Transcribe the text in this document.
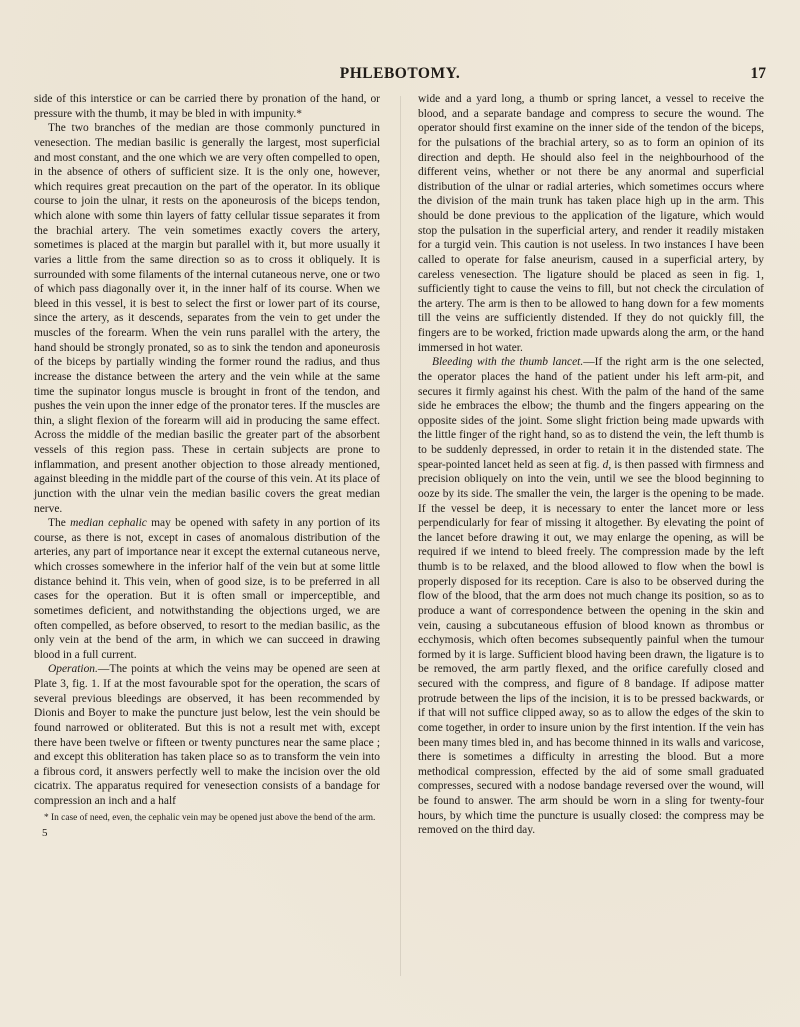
PHLEBOTOMY.	17

side of this interstice or can be carried there by pronation of the hand, or pressure with the thumb, it may be bled in with impunity.*

The two branches of the median are those commonly punctured in venesection. The median basilic is generally the largest, most superficial and most constant, and the one which we are very often compelled to open, in the absence of others of sufficient size. It is the only one, however, which requires great precaution on the part of the operator. In its oblique course to join the ulnar, it rests on the aponeurosis of the biceps tendon, which alone with some thin layers of fatty cellular tissue separates it from the brachial artery. The vein sometimes exactly covers the artery, sometimes is placed at the margin but parallel with it, but more usually it varies a little from the same direction so as to cross it obliquely. It is surrounded with some filaments of the internal cutaneous nerve, one or two of which pass diagonally over it, in the inner half of its course. When we bleed in this vessel, it is best to select the first or lower part of its course, since the artery, as it descends, separates from the vein to get under the muscles of the forearm. When the vein runs parallel with the artery, the hand should be strongly pronated, so as to sink the tendon and aponeurosis of the biceps by partially winding the former round the radius, and thus increase the distance between the artery and the vein while at the same time the supinator longus muscle is brought in front of the tendon, and pushes the vein upon the inner edge of the pronator teres. If the muscles are thin, a slight flexion of the forearm will aid in producing the same effect. Across the middle of the median basilic the greater part of the absorbent vessels of this region pass. These in certain subjects are prone to inflammation, and present another objection to those already mentioned, against bleeding in the middle part of the course of this vein. At its place of junction with the ulnar vein the median basilic covers the great median nerve.

The median cephalic may be opened with safety in any portion of its course, as there is not, except in cases of anomalous distribution of the arteries, any part of importance near it except the external cutaneous nerve, which crosses somewhere in the inferior half of the vein but at some little distance behind it. This vein, when of good size, is to be preferred in all cases for the operation. But it is often small or imperceptible, and sometimes deficient, and notwithstanding the objections urged, we are often compelled, as before observed, to resort to the median basilic, as the only vein at the bend of the arm, in which we can succeed in drawing blood in a full current.

Operation.—The points at which the veins may be opened are seen at Plate 3, fig. 1. If at the most favourable spot for the operation, the scars of several previous bleedings are observed, it has been recommended by Dionis and Boyer to make the puncture just below, lest the vein should be found narrowed or obliterated. But this is not a result met with, except there have been twelve or fifteen or twenty punctures near the same place ; and except this obliteration has taken place so as to transform the vein into a fibrous cord, it answers perfectly well to make the incision over the old cicatrix. The apparatus required for venesection consists of a bandage for compression an inch and a half

* In case of need, even, the cephalic vein may be opened just above the bend of the arm.
5

wide and a yard long, a thumb or spring lancet, a vessel to receive the blood, and a separate bandage and compress to secure the wound. The operator should first examine on the inner side of the tendon of the biceps, for the pulsations of the brachial artery, so as to form an opinion of its direction and depth. He should also feel in the neighbourhood of the different veins, whether or not there be any anormal and superficial distribution of the ulnar or radial arteries, which sometimes occurs where the division of the main trunk has taken place high up in the arm. This should be done previous to the application of the ligature, which would stop the pulsation in the superficial artery, and render it readily mistaken for a turgid vein. This caution is not useless. In two instances I have been called to operate for false aneurism, caused in a superficial artery, by careless venesection. The ligature should be placed as seen in fig. 1, sufficiently tight to cause the veins to fill, but not check the circulation of the artery. The arm is then to be allowed to hang down for a few moments till the veins are sufficiently distended. If they do not quickly fill, the fingers are to be worked, friction made upwards along the arm, or the hand immersed in hot water.

Bleeding with the thumb lancet.—If the right arm is the one selected, the operator places the hand of the patient under his left arm-pit, and secures it firmly against his chest. With the palm of the hand of the same side he embraces the elbow; the thumb and the fingers appearing on the opposite sides of the joint. Some slight friction being made upwards with the little finger of the right hand, so as to distend the vein, the left thumb is to be suddenly depressed, in order to retain it in the distended state. The spear-pointed lancet held as seen at fig. d, is then passed with firmness and precision obliquely on into the vein, until we see the blood beginning to ooze by its side. The smaller the vein, the larger is the opening to be made. If the vessel be deep, it is necessary to enter the lancet more or less perpendicularly for fear of missing it altogether. By elevating the point of the lancet before drawing it out, we may enlarge the opening, as will be required if we intend to bleed freely. The compression made by the left thumb is to be relaxed, and the blood allowed to flow when the bowl is properly disposed for its reception. Care is also to be observed during the flow of the blood, that the arm does not much change its position, so as to produce a want of correspondence between the opening in the skin and vein, causing a subcutaneous effusion of blood known as thrombus or ecchymosis, which often becomes subsequently painful when the tumour formed by it is large. Sufficient blood having been drawn, the ligature is to be removed, the arm partly flexed, and the orifice carefully closed and secured with the compress, and figure of 8 bandage. If adipose matter protrude between the lips of the incision, it is to be pressed backwards, or if that will not suffice clipped away, so as to allow the edges of the skin to come together, in order to insure union by the first intention. If the vein has been many times bled in, and has become thinned in its walls and varicose, there is sometimes a difficulty in arresting the blood. But a more methodical compression, effected by the aid of some small graduated compresses, secured with a nodose bandage reversed over the wound, will be found to answer. The arm should be worn in a sling for twenty-four hours, by which time the puncture is usually closed: the compress may be removed on the third day.
